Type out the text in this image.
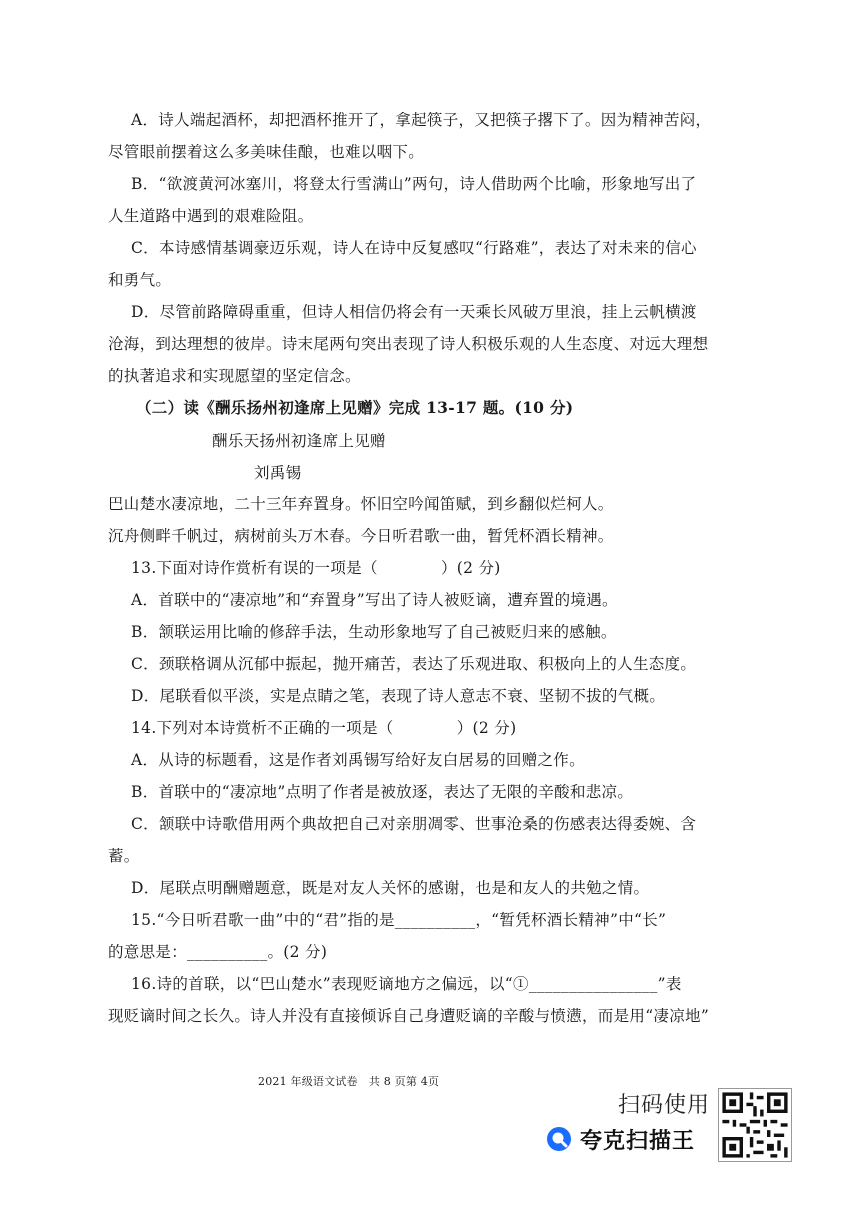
A．诗人端起酒杯，却把酒杯推开了，拿起筷子，又把筷子撂下了。因为精神苦闷，
尽管眼前摆着这么多美味佳酿，也难以咽下。
B．“欲渡黄河冰塞川，将登太行雪满山”两句，诗人借助两个比喻，形象地写出了
人生道路中遇到的艰难险阻。
C．本诗感情基调豪迈乐观，诗人在诗中反复感叹“行路难”，表达了对未来的信心
和勇气。
D．尽管前路障碍重重，但诗人相信仍将会有一天乘长风破万里浪，挂上云帆横渡
沧海，到达理想的彼岸。诗末尾两句突出表现了诗人积极乐观的人生态度、对远大理想
的执著追求和实现愿望的坚定信念。
（二）读《酬乐扬州初逢席上见赠》完成 13-17 题。(10 分)
酬乐天扬州初逢席上见赠
刘禹锡
巴山楚水凄凉地，二十三年弃置身。怀旧空吟闻笛赋，到乡翻似烂柯人。
沉舟侧畔千帆过，病树前头万木春。今日听君歌一曲，暂凭杯酒长精神。
13.下面对诗作赏析有误的一项是（　　　　）(2 分)
A．首联中的“凄凉地”和“弃置身”写出了诗人被贬谪，遭弃置的境遇。
B．颔联运用比喻的修辞手法，生动形象地写了自己被贬归来的感触。
C．颈联格调从沉郁中振起，抛开痛苦，表达了乐观进取、积极向上的人生态度。
D．尾联看似平淡，实是点睛之笔，表现了诗人意志不衰、坚韧不拔的气概。
14.下列对本诗赏析不正确的一项是（　　　　）(2 分)
A．从诗的标题看，这是作者刘禹锡写给好友白居易的回赠之作。
B．首联中的“凄凉地”点明了作者是被放逐，表达了无限的辛酸和悲凉。
C．颔联中诗歌借用两个典故把自己对亲朋凋零、世事沧桑的伤感表达得委婉、含
蓄。
D．尾联点明酬赠题意，既是对友人关怀的感谢，也是和友人的共勉之情。
15.“今日听君歌一曲”中的“君”指的是__________，“暂凭杯酒长精神”中“长”
的意思是：__________。(2 分)
16.诗的首联，以“巴山楚水”表现贬谪地方之偏远，以“①________________”表
现贬谪时间之长久。诗人并没有直接倾诉自己身遭贬谪的辛酸与愤懑，而是用“凄凉地”
2021 年级语文试卷　共 8 页第 4页
扫码使用
夸克扫描王
